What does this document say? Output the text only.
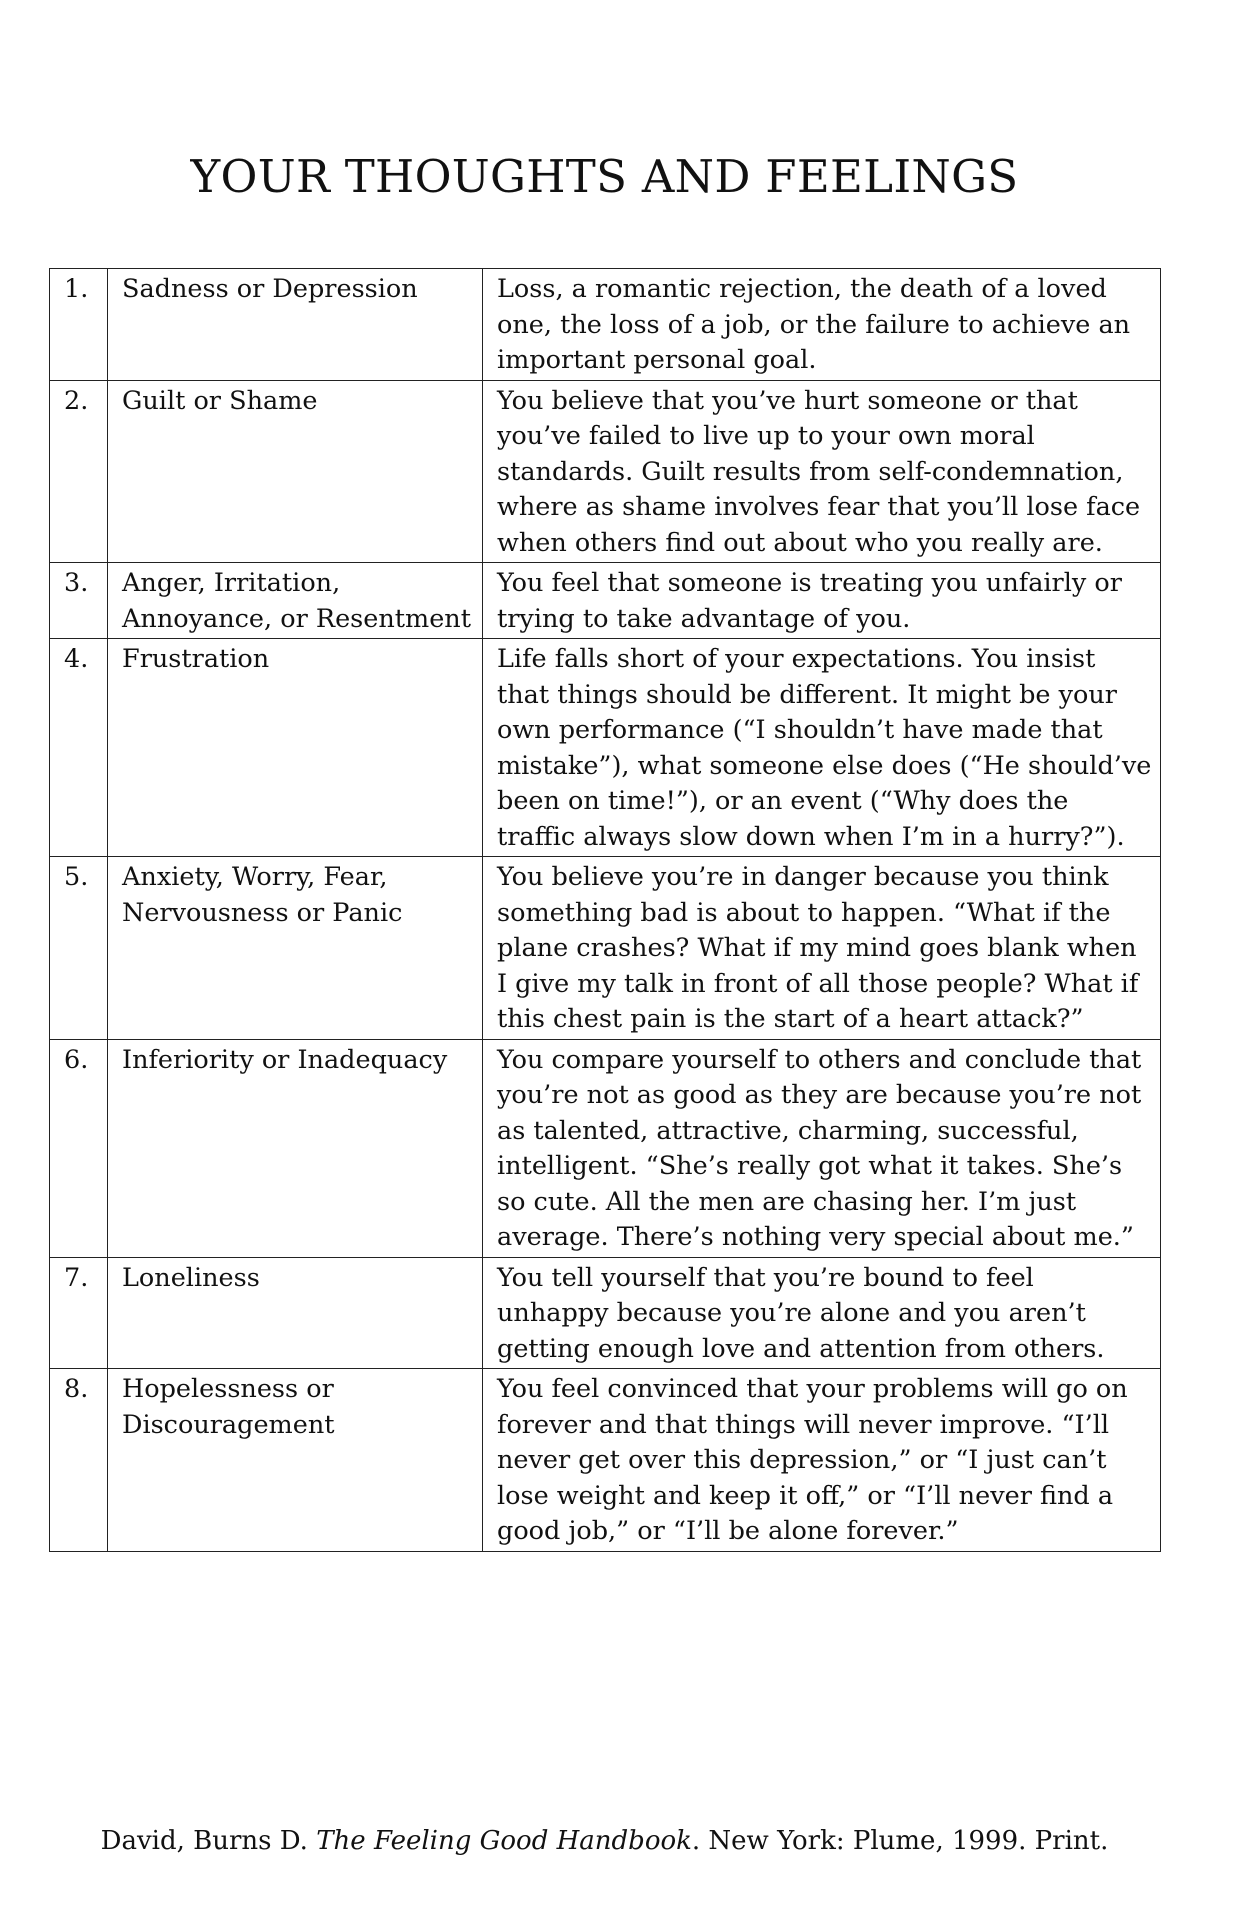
YOUR THOUGHTS AND FEELINGS
1.	Sadness or Depression	Loss, a romantic rejection, the death of a loved one, the loss of a job, or the failure to achieve an important personal goal.
2.	Guilt or Shame	You believe that you’ve hurt someone or that you’ve failed to live up to your own moral standards. Guilt results from self-condemnation, where as shame involves fear that you’ll lose face when others find out about who you really are.
3.	Anger, Irritation, Annoyance, or Resentment	You feel that someone is treating you unfairly or trying to take advantage of you.
4.	Frustration	Life falls short of your expectations. You insist that things should be different. It might be your own performance (“I shouldn’t have made that mistake”), what someone else does (“He should’ve been on time!”), or an event (“Why does the traffic always slow down when I’m in a hurry?”).
5.	Anxiety, Worry, Fear, Nervousness or Panic	You believe you’re in danger because you think something bad is about to happen. “What if the plane crashes? What if my mind goes blank when I give my talk in front of all those people? What if this chest pain is the start of a heart attack?”
6.	Inferiority or Inadequacy	You compare yourself to others and conclude that you’re not as good as they are because you’re not as talented, attractive, charming, successful, intelligent. “She’s really got what it takes. She’s so cute. All the men are chasing her. I’m just average. There’s nothing very special about me.”
7.	Loneliness	You tell yourself that you’re bound to feel unhappy because you’re alone and you aren’t getting enough love and attention from others.
8.	Hopelessness or Discouragement	You feel convinced that your problems will go on forever and that things will never improve. “I’ll never get over this depression,” or “I just can’t lose weight and keep it off,” or “I’ll never find a good job,” or “I’ll be alone forever.”

David, Burns D. The Feeling Good Handbook. New York: Plume, 1999. Print.
